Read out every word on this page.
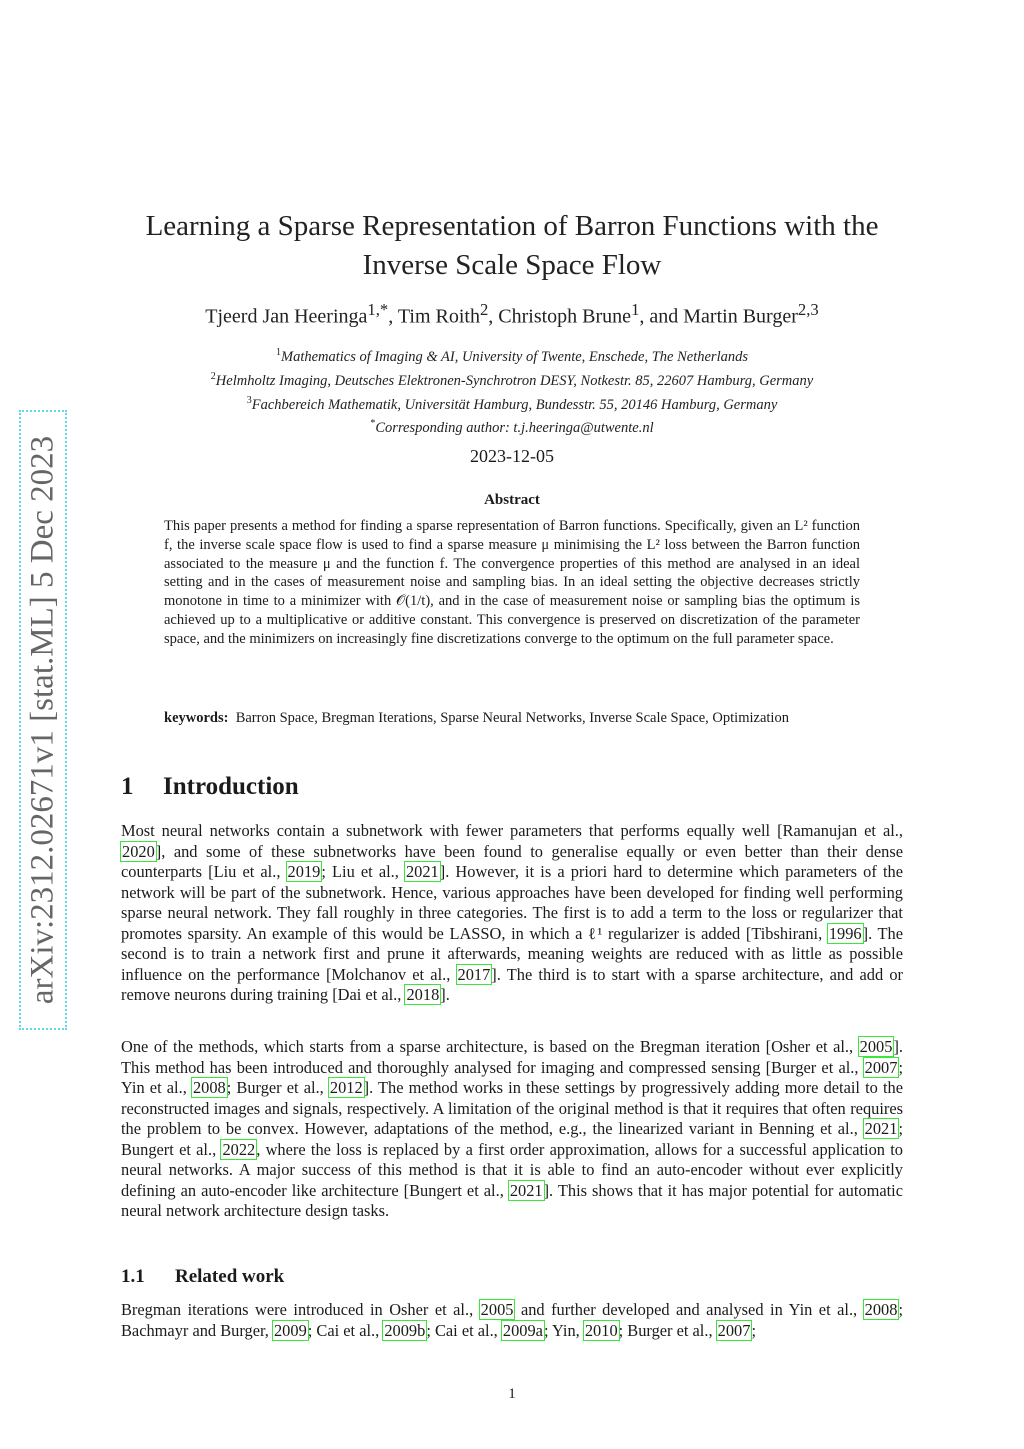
arXiv:2312.02671v1 [stat.ML] 5 Dec 2023
Learning a Sparse Representation of Barron Functions with the
Inverse Scale Space Flow
Tjeerd Jan Heeringa$^{1,*}$, Tim Roith$^2$, Christoph Brune$^1$, and Martin Burger$^{2,3}$
$^1$Mathematics of Imaging & AI, University of Twente, Enschede, The Netherlands
$^2$Helmholtz Imaging, Deutsches Elektronen-Synchrotron DESY, Notkestr. 85, 22607 Hamburg, Germany
$^3$Fachbereich Mathematik, Universität Hamburg, Bundesstr. 55, 20146 Hamburg, Germany
*Corresponding author: t.j.heeringa@utwente.nl
2023-12-05
Abstract
This paper presents a method for finding a sparse representation of Barron functions. Specifically, given an L² function f, the inverse scale space flow is used to find a sparse measure μ minimising the L² loss between the Barron function associated to the measure μ and the function f. The convergence properties of this method are analysed in an ideal setting and in the cases of measurement noise and sampling bias. In an ideal setting the objective decreases strictly monotone in time to a minimizer with 𝒪(1/t), and in the case of measurement noise or sampling bias the optimum is achieved up to a multiplicative or additive constant. This convergence is preserved on discretization of the parameter space, and the minimizers on increasingly fine discretizations converge to the optimum on the full parameter space.
keywords: Barron Space, Bregman Iterations, Sparse Neural Networks, Inverse Scale Space, Optimization
1 Introduction
Most neural networks contain a subnetwork with fewer parameters that performs equally well [Ramanujan et al., 2020], and some of these subnetworks have been found to generalise equally or even better than their dense counterparts [Liu et al., 2019; Liu et al., 2021]. However, it is a priori hard to determine which parameters of the network will be part of the subnetwork. Hence, various approaches have been developed for finding well performing sparse neural network. They fall roughly in three categories. The first is to add a term to the loss or regularizer that promotes sparsity. An example of this would be LASSO, in which a ℓ¹ regularizer is added [Tibshirani, 1996]. The second is to train a network first and prune it afterwards, meaning weights are reduced with as little as possible influence on the performance [Molchanov et al., 2017]. The third is to start with a sparse architecture, and add or remove neurons during training [Dai et al., 2018].
One of the methods, which starts from a sparse architecture, is based on the Bregman iteration [Osher et al., 2005]. This method has been introduced and thoroughly analysed for imaging and compressed sensing [Burger et al., 2007; Yin et al., 2008; Burger et al., 2012]. The method works in these settings by progressively adding more detail to the reconstructed images and signals, respectively. A limitation of the original method is that it requires that often requires the problem to be convex. However, adaptations of the method, e.g., the linearized variant in Benning et al., 2021; Bungert et al., 2022, where the loss is replaced by a first order approximation, allows for a successful application to neural networks. A major success of this method is that it is able to find an auto-encoder without ever explicitly defining an auto-encoder like architecture [Bungert et al., 2021]. This shows that it has major potential for automatic neural network architecture design tasks.
1.1 Related work
Bregman iterations were introduced in Osher et al., 2005 and further developed and analysed in Yin et al., 2008; Bachmayr and Burger, 2009; Cai et al., 2009b; Cai et al., 2009a; Yin, 2010; Burger et al., 2007;
1
